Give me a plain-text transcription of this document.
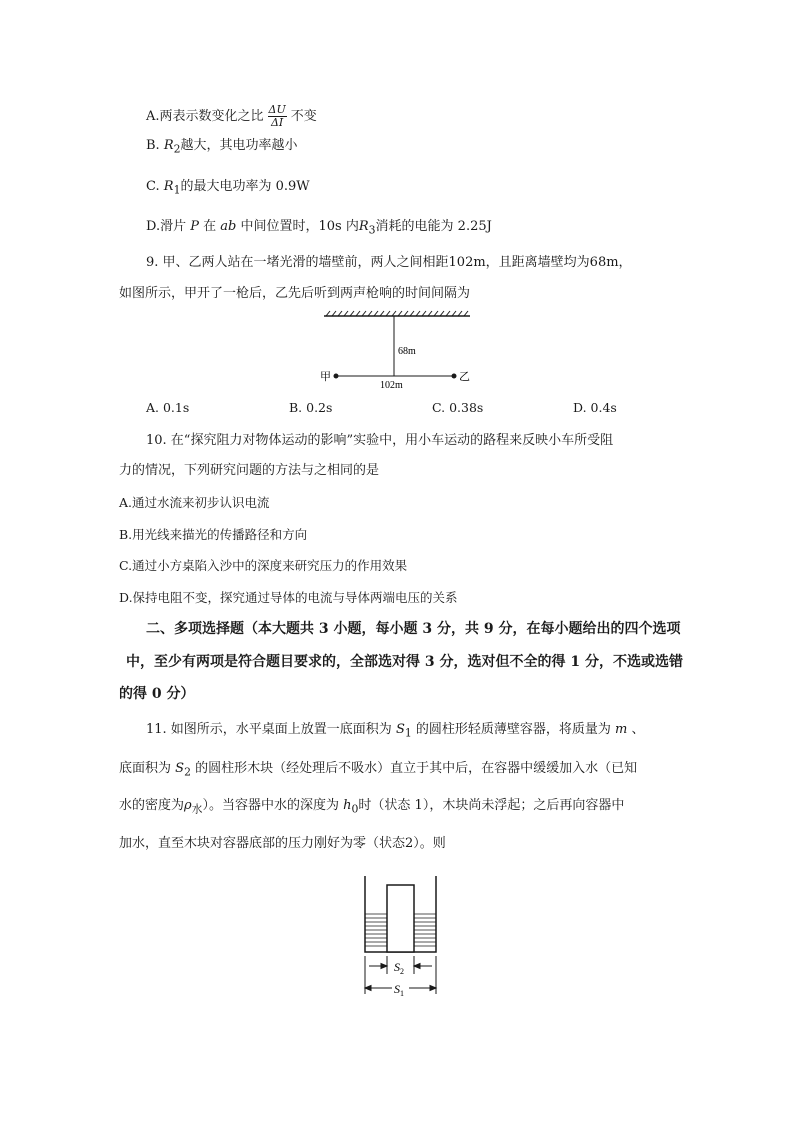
A.两表示数变化之比 $\frac{\Delta U}{\Delta I}$ 不变
B. $R_2$越大，其电功率越小
C. $R_1$的最大电功率为 0.9W
D.滑片 P 在 ab 中间位置时，10s 内$R_3$消耗的电能为 2.25J
9. 甲、乙两人站在一堵光滑的墙壁前，两人之间相距102m，且距离墙壁均为68m，
如图所示，甲开了一枪后，乙先后听到两声枪响的时间间隔为
68m
102m
甲	乙
A. 0.1s	B. 0.2s	C. 0.38s	D. 0.4s
10. 在“探究阻力对物体运动的影响”实验中，用小车运动的路程来反映小车所受阻
力的情况，下列研究问题的方法与之相同的是
A.通过水流来初步认识电流
B.用光线来描光的传播路径和方向
C.通过小方桌陷入沙中的深度来研究压力的作用效果
D.保持电阻不变，探究通过导体的电流与导体两端电压的关系
二、多项选择题（本大题共 3 小题，每小题 3 分，共 9 分，在每小题给出的四个选项
中，至少有两项是符合题目要求的，全部选对得 3 分，选对但不全的得 1 分，不选或选错
的得 0 分）
11. 如图所示，水平桌面上放置一底面积为 $S_1$ 的圆柱形轻质薄壁容器，将质量为 m 、
底面积为 $S_2$ 的圆柱形木块（经处理后不吸水）直立于其中后，在容器中缓缓加入水（已知
水的密度为$\rho_水$）。当容器中水的深度为 $h_0$时（状态 1），木块尚未浮起；之后再向容器中
加水，直至木块对容器底部的压力刚好为零（状态2）。则
$S_2$
$S_1$
